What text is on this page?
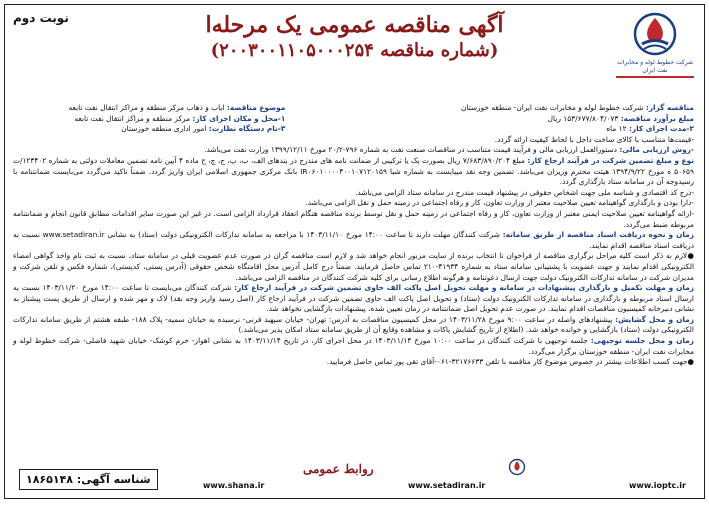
نوبت دوم
شرکت خطوط لوله و مخابرات نفت ایران
آگهی مناقصه عمومی یک مرحله‌ا
(شماره مناقصه ۲۰۰۳۰۰۱۱۰۵۰۰۰۲۵۴)

مناقصه گزار: شرکت خطوط لوله و مخابرات نفت ایران- منطقه خوزستان

مبلغ برآورد مناقصه: ۱۵۳/۶۷۷/۸۰۴/۰۷۳ ریال

۲-مدت اجرای کار: ۱۲ ماه

موضوع مناقصه: ایاب و ذهاب مرکز منطقه و مراکز انتقال نفت تابعه

۱-محل و مکان اجرای کار: مرکز منطقه و مراکز انتقال نفت تابعه

۳-نام دستگاه نظارت: امور اداری منطقه خوزستان

-قیمت‌ها متناسب با کالای ساخت داخل با لحاظ کیفیت ارائه گردد.

-روش ارزیابی مالی: دستورالعمل ارزیابی مالی و فرآیند قیمت متناسب در مناقصات صنعت نفت به شماره ۷۹۶-۲۰/۲ مورخ ۱۳۹۹/۱۲/۱۱ وزارت نفت می‌باشد.

نوع و مبلغ تضمین شرکت در فرآیند ارجاع کار: مبلغ ۷/۶۸۳/۸۹۰/۲۰۴ ریال بصورت یک یا ترکیبی از ضمانت نامه های مندرج در بندهای الف، ب، پ، ج، چ، ح ماده ۴ آیین نامه تضمین معاملات دولتی به شماره ۱۲۳۴۰۲/ت ۵۰۶۵۹ ه مورخ ۱۳۹۴/۹/۲۲ هیئت محترم وزیران می‌باشد. تضمین وجه نقد میبایست به شماره شبا IR۰۶۰۱۰۰۰۰۴۰۰۱۰۷۱۲۰۱۵۹ بانک مرکزی جمهوری اسلامی ایران واریز گردد. ضمناً تاکید می‌گردد می‌بایست ضمانتنامه با رسیدوجه آن در سامانه ستاد بارگذاری گردد.

-درج کد اقتصادی و شناسه ملی جهت اشخاص حقوقی در پیشنهاد قیمت مندرج در سامانه ستاد الزامی می‌باشد.

-دارا بودن و بارگذاری گواهینامه تعیین صلاحیت معتبر از وزارت تعاون، کار و رفاه اجتماعی در زمینه حمل و نقل الزامی می‌باشد.

-ارائه گواهینامه تعیین صلاحیت ایمنی معتبر از وزارت تعاون، کار و رفاه اجتماعی در زمینه حمل و نقل توسط برنده مناقصه هنگام انعقاد قرارداد الزامی است. در غیر این صورت سایر اقدامات مطابق قانون انجام و ضمانتنامه مربوطه ضبط می‌گردد.

زمان و نحوه دریافت اسناد مناقصه از طریق سامانه: شرکت کنندگان مهلت دارند تا ساعت ۱۴:۰۰ مورخ ۱۴۰۳/۱۱/۱۰ با مراجعه به سامانه تدارکات الکترونیکی دولت (ستاد) به نشانی www.setadiran.ir نسبت به دریافت اسناد مناقصه اقدام نمایند.

●لازم به ذکر است کلیه مراحل برگزاری مناقصه از فراخوان تا انتخاب برنده از سایت مزبور انجام خواهد شد و لازم است مناقصه گران در صورت عدم عضویت قبلی در سامانه ستاد، نسبت به ثبت نام واخذ گواهی امضاء الکترونیکی اقدام نمایند و جهت عضویت با پشتیبانی سامانه ستاد به شماره ۴۱۹۳۴-۲۱۰ تماس حاصل فرمایند. ضمناً درج کامل آدرس محل اقامتگاه شخص حقوقی (آدرس پستی، کدپستی)، شماره فکس و تلفن شرکت و مدیران شرکت در سامانه تدارکات الکترونیک دولت جهت ارسال دعوتنامه و هرگونه اطلاع رسانی برای کلیه شرکت کنندگان در مناقصه الزامی می‌باشد.

زمان و مهلت تکمیل و بارگذاری پیشنهادات در سامانه و مهلت تحویل اصل پاکت الف حاوی تضمین شرکت در فرآیند ارجاع کار: شرکت کنندگان می‌بایست تا ساعت ۱۴:۰۰ مورخ ۱۴۰۳/۱۱/۲۰ نسبت به ارسال اسناد مربوطه و بارگذاری در سامانه تدارکات الکترونیک دولت (ستاد) و تحویل اصل پاکت الف حاوی تضمین شرکت در فرآیند ارجاع کار (اصل رسید واریز وجه نقد) لاک و مهر شده و ارسال از طریق پست پیشتاز به نشانی دبیرخانه کمیسیون مناقصات اقدام نمایند. در صورت عدم تحویل اصل ضمانتنامه در زمان تعیین شده، پیشنهادات بازگشایی نخواهد شد.

زمان و محل گشایش: پیشنهادهای واصله در ساعت ۹:۰۰ مورخ ۱۴۰۳/۱۱/۲۸ در محل کمیسیون مناقصات به آدرس: تهران- خیابان سپهبد قرنی- نرسیده به خیابان سمیه- پلاک ۱۸۸- طبقه هشتم از طریق سامانه تدارکات الکترونیکی دولت (ستاد) بازگشایی و خوانده خواهد شد. (اطلاع از تاریخ گشایش پاکات و مشاهده وقایع آن از طریق سامانه ستاد امکان پذیر می‌باشد.)

زمان و محل جلسه توجیهی: جلسه توجیهی با شرکت کنندگان در ساعت ۱۰:۰۰ مورخ ۱۴۰۳/۱۱/۱۴ در محل اجرای کار، در تاریخ ۱۴۰۳/۱۱/۱۴ به نشانی اهواز- خرم کوشک- خیابان شهید فاضلی- شرکت خطوط لوله و مخابرات نفت ایران- منطقه خوزستان برگزار می‌گردد.

●جهت کسب اطلاعات بیشتر در خصوص موضوع کار مناقصه با تلفن ۳۲۱۷۶۶۳۳-۰۶۱-آقای تقی پور تماس حاصل فرمایید.

شناسه آگهی: ۱۸۶۵۱۴۸
روابط عمومی
www.shana.ir	www.setadiran.ir	www.ioptc.ir
